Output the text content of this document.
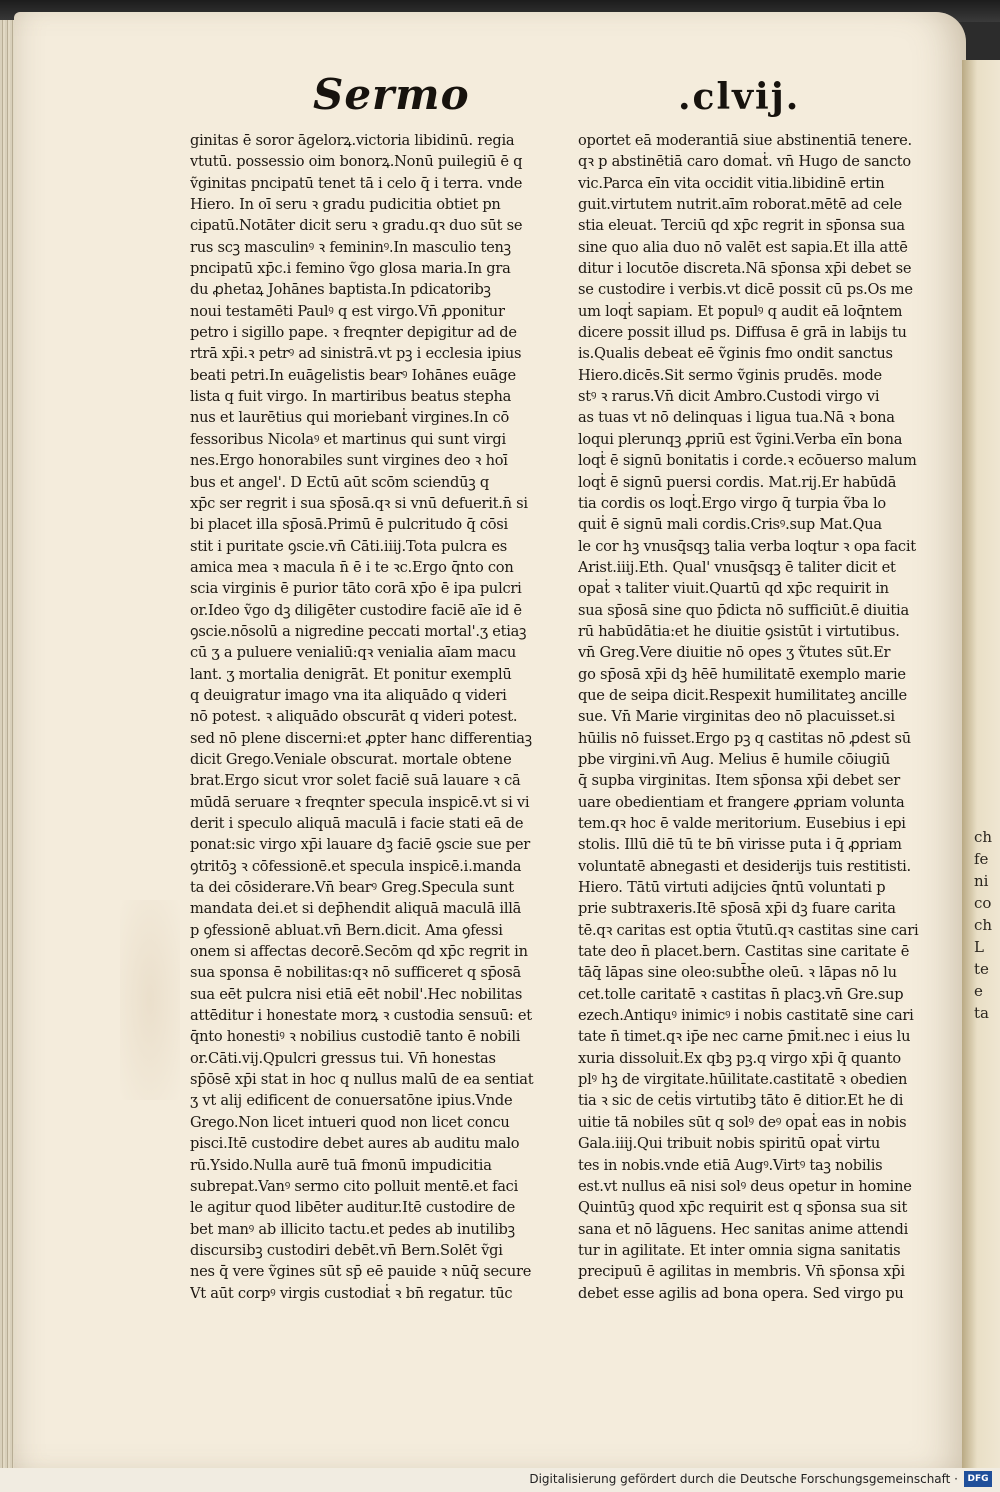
ch
fe
ni
co
ch
L
te
e
ta
Sermo	.clvij.
ginitas ē soror āgelorꝝ.victoria libidinū. regia
vtutū. possessio oim bonorꝝ.Nonū puilegiū ē q
ṽginitas pncipatū tenet tā i celo q̄ i terra. vnde
Hiero. In oī seru ꝛ gradu pudicitia obtiet pn
cipatū.Notāter dicit seru ꝛ gradu.qꝛ duo sūt se
rus scꝫ masculinꝰ ꝛ femininꝰ.In masculio tenꝫ
pncipatū xp̄c.i femino ṽgo glosa maria.In gra
du ꝓhetaꝝ Johānes baptista.In pdicatoribꝫ
noui testamēti Paulꝰ q est virgo.Vn̄ ꝓponitur
petro i sigillo pape. ꝛ freqnter depigitur ad de
rtrā xp̄i.ꝛ petrꝰ ad sinistrā.vt pꝫ i ecclesia ipius
beati petri.In euāgelistis bearꝰ Iohānes euāge
lista q fuit virgo. In martiribus beatus stepha
nus et laurētius qui moriebanṫ virgines.In cō
fessoribus Nicolaꝰ et martinus qui sunt virgi
nes.Ergo honorabiles sunt virgines deo ꝛ hoī
bus et angel'. D Ectū aūt scōm sciendūꝫ q
xp̄c ser regrit i sua sp̄osā.qꝛ si vnū defuerit.n̄ si
bi placet illa sp̄osā.Primū ē pulcritudo q̄ cōsi
stit i puritate ꝯscie.vn̄ Cāti.iiij.Tota pulcra es
amica mea ꝛ macula n̄ ē i te ꝛc.Ergo q̄nto con
scia virginis ē purior tāto corā xp̄o ē ipa pulcri
or.Ideo ṽgo dꝫ diligēter custodire faciē aīe id ē
ꝯscie.nōsolū a nigredine peccati mortal'.ʒ etiaꝫ
cū ʒ a puluere venialiū:qꝛ venialia aīam macu
lant. ʒ mortalia denigrāt. Et ponitur exemplū
q deuigratur imago vna ita aliquādo q videri
nō potest. ꝛ aliquādo obscurāt q videri potest.
sed nō plene discerni:et ꝓpter hanc differentiaꝫ
dicit Grego.Veniale obscurat. mortale obtene
brat.Ergo sicut vror solet faciē suā lauare ꝛ cā
mūdā seruare ꝛ freqnter specula inspicē.vt si vi
derit i speculo aliquā maculā i facie stati eā de
ponat:sic virgo xp̄i lauare dꝫ faciē ꝯscie sue per
ꝯtritōꝫ ꝛ cōfessionē.et specula inspicē.i.manda
ta dei cōsiderare.Vn̄ bearꝰ Greg.Specula sunt
mandata dei.et si dep̄hendit aliquā maculā illā
p ꝯfessionē abluat.vn̄ Bern.dicit. Ama ꝯfessi
onem si affectas decorē.Secōm qd xp̄c regrit in
sua sponsa ē nobilitas:qꝛ nō sufficeret q sp̄osā
sua eēt pulcra nisi etiā eēt nobil'.Hec nobilitas
attēditur i honestate morꝝ ꝛ custodia sensuū: et
q̄nto honestiꝰ ꝛ nobilius custodiē tanto ē nobili
or.Cāti.vij.Qpulcri gressus tui. Vn̄ honestas
sp̄ōsē xp̄i stat in hoc q nullus malū de ea sentiat
ʒ vt alij edificent de conuersatōne ipius.Vnde
Grego.Non licet intueri quod non licet concu
pisci.Itē custodire debet aures ab auditu malo
rū.Ysido.Nulla aurē tuā fmonū impudicitia
subrepat.Vanꝰ sermo cito polluit mentē.et faci
le agitur quod libēter auditur.Itē custodire de
bet manꝰ ab illicito tactu.et pedes ab inutilibꝫ
discursibꝫ custodiri debēt.vn̄ Bern.Solēt ṽgi
nes q̄ vere ṽgines sūt sp̄ eē pauide ꝛ nūq̄ secure
Vt aūt corpꝰ virgis custodiaṫ ꝛ bn̄ regatur. tūc
oportet eā moderantiā siue abstinentiā tenere.
qꝛ p abstinētiā caro domaṫ. vn̄ Hugo de sancto
vic.Parca eīn vita occidit vitia.libidinē ertin
guit.virtutem nutrit.aīm roborat.mētē ad cele
stia eleuat. Terciū qd xp̄c regrit in sp̄onsa sua
sine quo alia duo nō valēt est sapia.Et illa attē
ditur i locutōe discreta.Nā sp̄onsa xp̄i debet se
se custodire i verbis.vt dicē possit cū ps.Os me
um loqṫ sapiam. Et populꝰ q audit eā loq̄ntem
dicere possit illud ps. Diffusa ē grā in labijs tu
is.Qualis debeat eē ṽginis fmo ondit sanctus
Hiero.dicēs.Sit sermo ṽginis prudēs. mode
stꝰ ꝛ rarus.Vn̄ dicit Ambro.Custodi virgo vi
as tuas vt nō delinquas i ligua tua.Nā ꝛ bona
loqui plerunqꝫ ꝓpriū est ṽgini.Verba eīn bona
loqṫ ē signū bonitatis i corde.ꝛ ecōuerso malum
loqṫ ē signū puersi cordis. Mat.rij.Er habūdā
tia cordis os loqṫ.Ergo virgo q̄ turpia ṽba lo
quiṫ ē signū mali cordis.Crisꝰ.sup Mat.Qua
le cor hꝫ vnusq̄sqꝫ talia verba loqtur ꝛ opa facit
Arist.iiij.Eth. Qual' vnusq̄sqꝫ ē taliter dicit et
opaṫ ꝛ taliter viuit.Quartū qd xp̄c requirit in
sua sp̄osā sine quo p̄dicta nō sufficiūt.ē diuitia
rū habūdātia:et he diuitie ꝯsistūt i virtutibus.
vn̄ Greg.Vere diuitie nō opes ʒ ṽtutes sūt.Er
go sp̄osā xp̄i dꝫ hēē humilitatē exemplo marie
que de seipa dicit.Respexit humilitateꝫ ancille
sue. Vn̄ Marie virginitas deo nō placuisset.si
hūilis nō fuisset.Ergo pꝫ q castitas nō ꝓdest sū
pbe virgini.vn̄ Aug. Melius ē humile cōiugiū
q̄ supba virginitas. Item sp̄onsa xp̄i debet ser
uare obedientiam et frangere ꝓpriam volunta
tem.qꝛ hoc ē valde meritorium. Eusebius i epi
stolis. Illū diē tū te bn̄ virisse puta i q̄ ꝓpriam
voluntatē abnegasti et desiderijs tuis restitisti.
Hiero. Tātū virtuti adijcies q̄ntū voluntati p
prie subtraxeris.Itē sp̄osā xp̄i dꝫ fuare carita
tē.qꝛ caritas est optia ṽtutū.qꝛ castitas sine cari
tate deo n̄ placet.bern. Castitas sine caritate ē
tāq̄ lāpas sine oleo:subt̄he oleū. ꝛ lāpas nō lu
cet.tolle caritatē ꝛ castitas n̄ placꝫ.vn̄ Gre.sup
ezech.Antiquꝰ inimicꝰ i nobis castitatē sine cari
tate n̄ timet.qꝛ ip̄e nec carne p̄miṫ.nec i eius lu
xuria dissoluiṫ.Ex qbꝫ pꝫ.q virgo xp̄i q̄ quanto
plꝰ hꝫ de virgitate.hūilitate.castitatē ꝛ obedien
tia ꝛ sic de ceṫis virtutibꝫ tāto ē ditior.Et he di
uitie tā nobiles sūt q solꝰ deꝰ opaṫ eas in nobis
Gala.iiij.Qui tribuit nobis spiritū opaṫ virtu
tes in nobis.vnde etiā Augꝰ.Virtꝰ taꝫ nobilis
est.vt nullus eā nisi solꝰ deus opetur in homine
Quintūꝫ quod xp̄c requirit est q sp̄onsa sua sit
sana et nō lāguens. Hec sanitas anime attendi
tur in agilitate. Et inter omnia signa sanitatis
precipuū ē agilitas in membris. Vn̄ sp̄onsa xp̄i
debet esse agilis ad bona opera. Sed virgo pu
Digitalisierung gefördert durch die Deutsche Forschungsgemeinschaft ·	DFG
